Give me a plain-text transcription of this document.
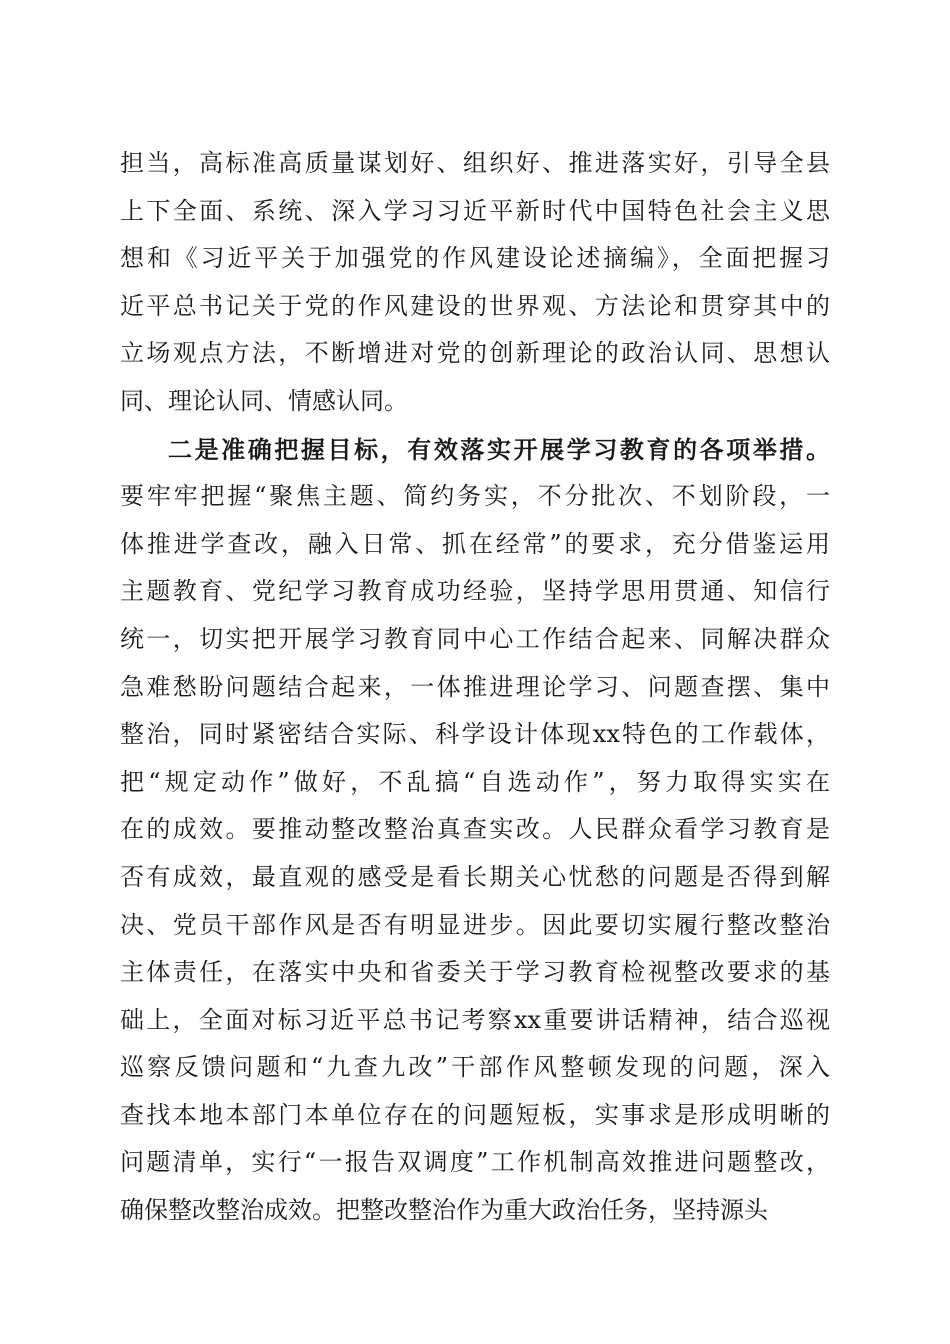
担当，高标准高质量谋划好、组织好、推进落实好，引导全县
上下全面、系统、深入学习习近平新时代中国特色社会主义思
想和《习近平关于加强党的作风建设论述摘编》，全面把握习
近平总书记关于党的作风建设的世界观、方法论和贯穿其中的
立场观点方法，不断增进对党的创新理论的政治认同、思想认
同、理论认同、情感认同。
二是准确把握目标，有效落实开展学习教育的各项举措。
要牢牢把握“聚焦主题、简约务实，不分批次、不划阶段，一
体推进学查改，融入日常、抓在经常”的要求，充分借鉴运用
主题教育、党纪学习教育成功经验，坚持学思用贯通、知信行
统一，切实把开展学习教育同中心工作结合起来、同解决群众
急难愁盼问题结合起来，一体推进理论学习、问题查摆、集中
整治，同时紧密结合实际、科学设计体现xx特色的工作载体，
把“规定动作”做好，不乱搞“自选动作”，努力取得实实在
在的成效。要推动整改整治真查实改。人民群众看学习教育是
否有成效，最直观的感受是看长期关心忧愁的问题是否得到解
决、党员干部作风是否有明显进步。因此要切实履行整改整治
主体责任，在落实中央和省委关于学习教育检视整改要求的基
础上，全面对标习近平总书记考察xx重要讲话精神，结合巡视
巡察反馈问题和“九查九改”干部作风整顿发现的问题，深入
查找本地本部门本单位存在的问题短板，实事求是形成明晰的
问题清单，实行“一报告双调度”工作机制高效推进问题整改，
确保整改整治成效。把整改整治作为重大政治任务，坚持源头
